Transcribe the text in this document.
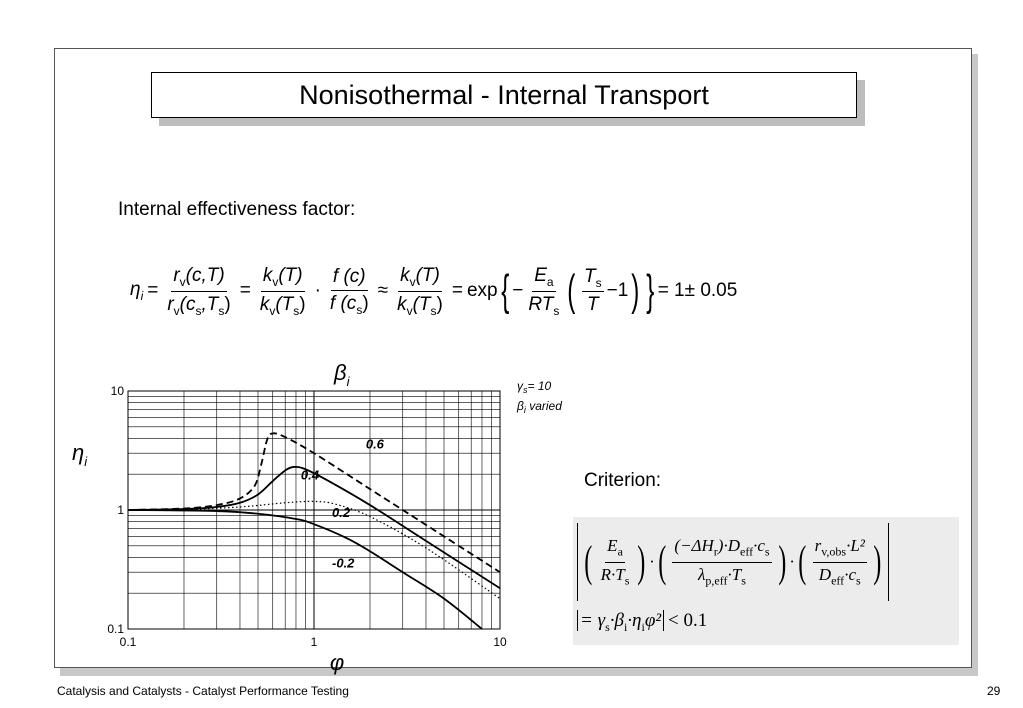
Nonisothermal - Internal Transport
Internal effectiveness factor:
$\eta_i = \frac{r_v(c,T)}{r_v(c_s,T_s)} = \frac{k_v(T)}{k_v(T_s)} \cdot \frac{f (c)}{f (c_s)} \approx \frac{k_v(T)}{k_v(T_s)} = \exp$ { − $\frac{E_a}{RT_s}$ ( $\frac{T_s}{T} -1$ ) } = 1± 0.05
0.1	1	10
10
1
0.1
0.6
0.4
0.2
-0.2
φ
$\eta_i$
$\beta_i$	$\gamma_s= 10$
$\beta_i$ varied
Criterion:
( $\frac{E_a}{R\cdot T_s}$ ) · ( $\frac{(-\Delta H_r)\cdot D_{eff}\cdot c_s}{\lambda_{p,eff}\cdot T_s}$ ) · ( $\frac{r_{v,obs}\cdot L^2}{D_{eff}\cdot c_s}$ )
= $\gamma_s\cdot\beta_i\cdot\eta_i\varphi^2 < 0.1$
Catalysis and Catalysts - Catalyst Performance Testing	29
